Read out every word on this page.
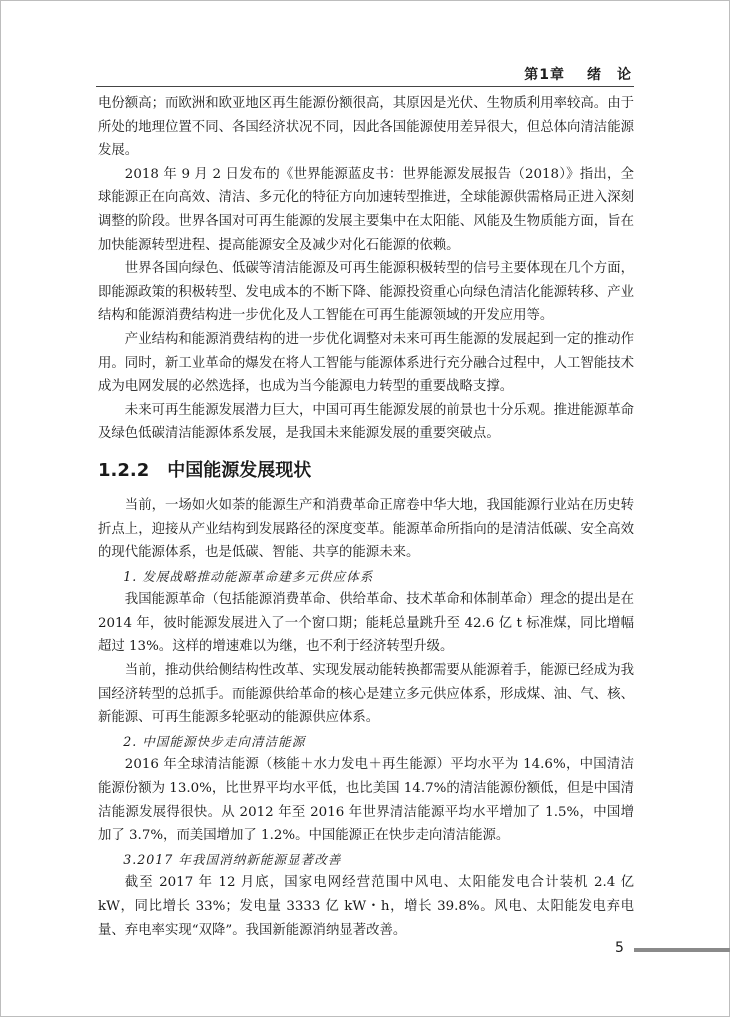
第1章 绪　论

电份额高；而欧洲和欧亚地区再生能源份额很高，其原因是光伏、生物质利用率较高。由于所处的地理位置不同、各国经济状况不同，因此各国能源使用差异很大，但总体向清洁能源发展。

2018 年 9 月 2 日发布的《世界能源蓝皮书：世界能源发展报告（2018）》指出，全球能源正在向高效、清洁、多元化的特征方向加速转型推进，全球能源供需格局正进入深刻调整的阶段。世界各国对可再生能源的发展主要集中在太阳能、风能及生物质能方面，旨在加快能源转型进程、提高能源安全及减少对化石能源的依赖。

世界各国向绿色、低碳等清洁能源及可再生能源积极转型的信号主要体现在几个方面，即能源政策的积极转型、发电成本的不断下降、能源投资重心向绿色清洁化能源转移、产业结构和能源消费结构进一步优化及人工智能在可再生能源领域的开发应用等。

产业结构和能源消费结构的进一步优化调整对未来可再生能源的发展起到一定的推动作用。同时，新工业革命的爆发在将人工智能与能源体系进行充分融合过程中，人工智能技术成为电网发展的必然选择，也成为当今能源电力转型的重要战略支撑。

未来可再生能源发展潜力巨大，中国可再生能源发展的前景也十分乐观。推进能源革命及绿色低碳清洁能源体系发展，是我国未来能源发展的重要突破点。

1.2.2 中国能源发展现状

当前，一场如火如荼的能源生产和消费革命正席卷中华大地，我国能源行业站在历史转折点上，迎接从产业结构到发展路径的深度变革。能源革命所指向的是清洁低碳、安全高效的现代能源体系，也是低碳、智能、共享的能源未来。

1. 发展战略推动能源革命建多元供应体系

我国能源革命（包括能源消费革命、供给革命、技术革命和体制革命）理念的提出是在 2014 年，彼时能源发展进入了一个窗口期；能耗总量跳升至 42.6 亿 t 标准煤，同比增幅超过 13%。这样的增速难以为继，也不利于经济转型升级。

当前，推动供给侧结构性改革、实现发展动能转换都需要从能源着手，能源已经成为我国经济转型的总抓手。而能源供给革命的核心是建立多元供应体系，形成煤、油、气、核、新能源、可再生能源多轮驱动的能源供应体系。

2. 中国能源快步走向清洁能源

2016 年全球清洁能源（核能＋水力发电＋再生能源）平均水平为 14.6%，中国清洁能源份额为 13.0%，比世界平均水平低，也比美国 14.7%的清洁能源份额低，但是中国清洁能源发展得很快。从 2012 年至 2016 年世界清洁能源平均水平增加了 1.5%，中国增加了 3.7%，而美国增加了 1.2%。中国能源正在快步走向清洁能源。

3.2017 年我国消纳新能源显著改善

截至 2017 年 12 月底，国家电网经营范围中风电、太阳能发电合计装机 2.4 亿 kW，同比增长 33%；发电量 3333 亿 kW・h，增长 39.8%。风电、太阳能发电弃电量、弃电率实现“双降”。我国新能源消纳显著改善。

5
